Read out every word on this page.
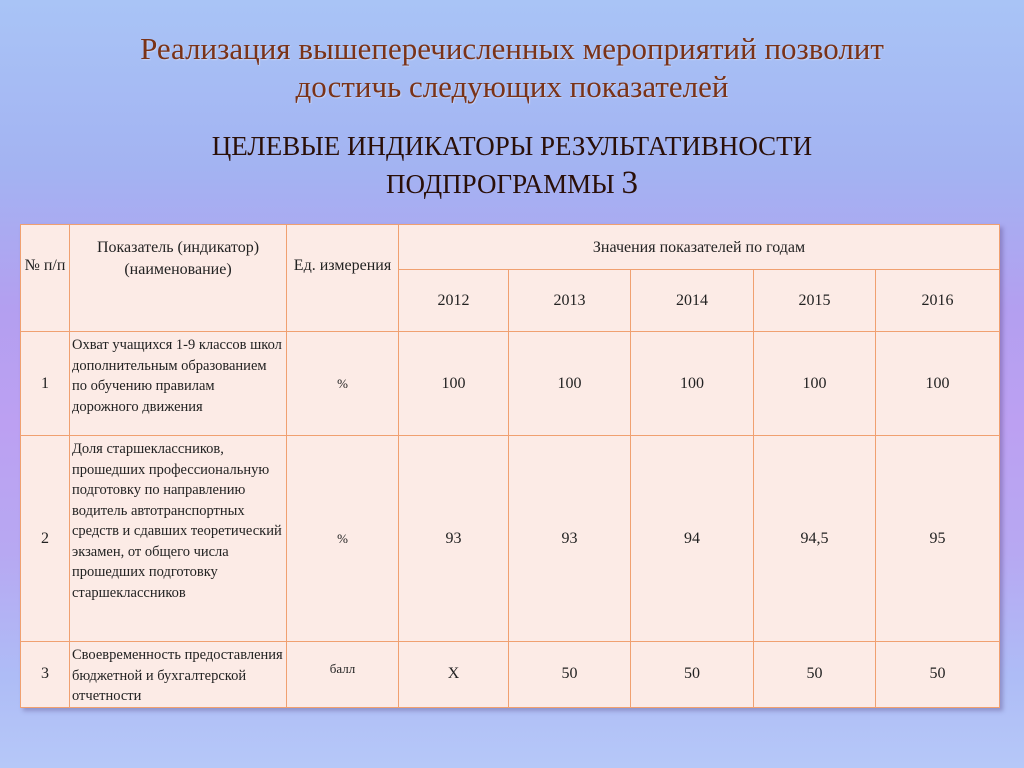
Реализация вышеперечисленных мероприятий позволит
достичь следующих показателей
ЦЕЛЕВЫЕ ИНДИКАТОРЫ РЕЗУЛЬТАТИВНОСТИ
ПОДПРОГРАММЫ 3
№ п/п	Показатель (индикатор) (наименование)	Ед. измерения	Значения показателей по годам				
			2012	2013	2014	2015	2016
1	Охват учащихся 1-9 классов школ дополнительным образованием по обучению правилам дорожного движения	%	100	100	100	100	100
2	Доля старшеклассников, прошедших профессиональную подготовку по направлению водитель автотранспортных средств и сдавших теоретический экзамен, от общего числа прошедших подготовку старшеклассников	%	93	93	94	94,5	95
3	Своевременность предоставления бюджетной и бухгалтерской отчетности	балл	Х	50	50	50	50
